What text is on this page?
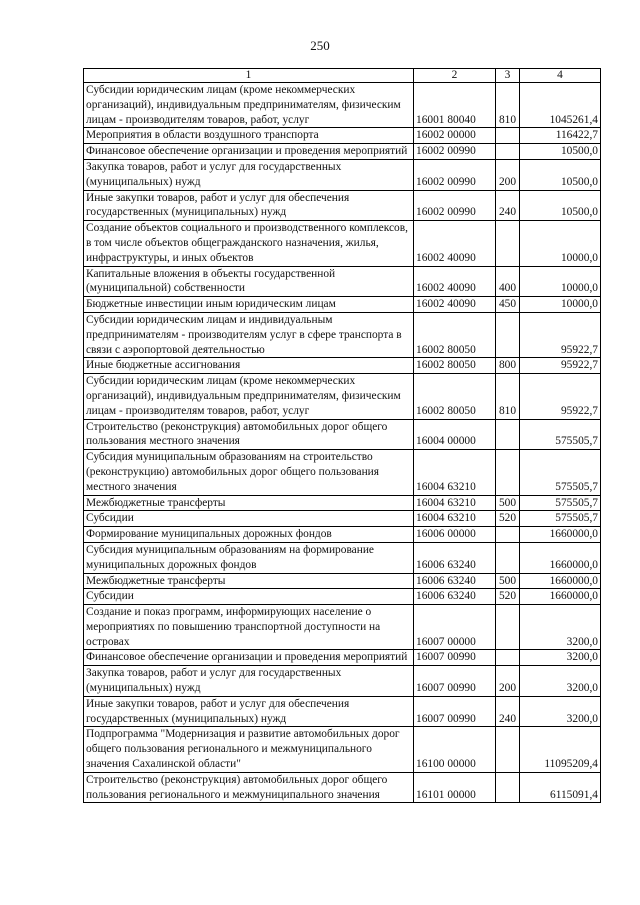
250
1	2	3	4
Субсидии юридическим лицам (кроме некоммерческих организаций), индивидуальным предпринимателям, физическим лицам - производителям товаров, работ, услуг	16001 80040	810	1045261,4
Мероприятия в области воздушного транспорта	16002 00000		116422,7
Финансовое обеспечение организации и проведения мероприятий	16002 00990		10500,0
Закупка товаров, работ и услуг для государственных (муниципальных) нужд	16002 00990	200	10500,0
Иные закупки товаров, работ и услуг для обеспечения государственных (муниципальных) нужд	16002 00990	240	10500,0
Создание объектов социального и производственного комплексов, в том числе объектов общегражданского назначения, жилья, инфраструктуры, и иных объектов	16002 40090		10000,0
Капитальные вложения в объекты государственной (муниципальной) собственности	16002 40090	400	10000,0
Бюджетные инвестиции иным юридическим лицам	16002 40090	450	10000,0
Субсидии юридическим лицам и индивидуальным предпринимателям - производителям услуг в сфере транспорта в связи с аэропортовой деятельностью	16002 80050		95922,7
Иные бюджетные ассигнования	16002 80050	800	95922,7
Субсидии юридическим лицам (кроме некоммерческих организаций), индивидуальным предпринимателям, физическим лицам - производителям товаров, работ, услуг	16002 80050	810	95922,7
Строительство (реконструкция) автомобильных дорог общего пользования местного значения	16004 00000		575505,7
Субсидия муниципальным образованиям на строительство (реконструкцию) автомобильных дорог общего пользования местного значения	16004 63210		575505,7
Межбюджетные трансферты	16004 63210	500	575505,7
Субсидии	16004 63210	520	575505,7
Формирование муниципальных дорожных фондов	16006 00000		1660000,0
Субсидия муниципальным образованиям на формирование муниципальных дорожных фондов	16006 63240		1660000,0
Межбюджетные трансферты	16006 63240	500	1660000,0
Субсидии	16006 63240	520	1660000,0
Создание и показ программ, информирующих население о мероприятиях по повышению транспортной доступности на островах	16007 00000		3200,0
Финансовое обеспечение организации и проведения мероприятий	16007 00990		3200,0
Закупка товаров, работ и услуг для государственных (муниципальных) нужд	16007 00990	200	3200,0
Иные закупки товаров, работ и услуг для обеспечения государственных (муниципальных) нужд	16007 00990	240	3200,0
Подпрограмма "Модернизация и развитие автомобильных дорог общего пользования регионального и межмуниципального значения Сахалинской области"	16100 00000		11095209,4
Строительство (реконструкция) автомобильных дорог общего пользования регионального и межмуниципального значения	16101 00000		6115091,4
